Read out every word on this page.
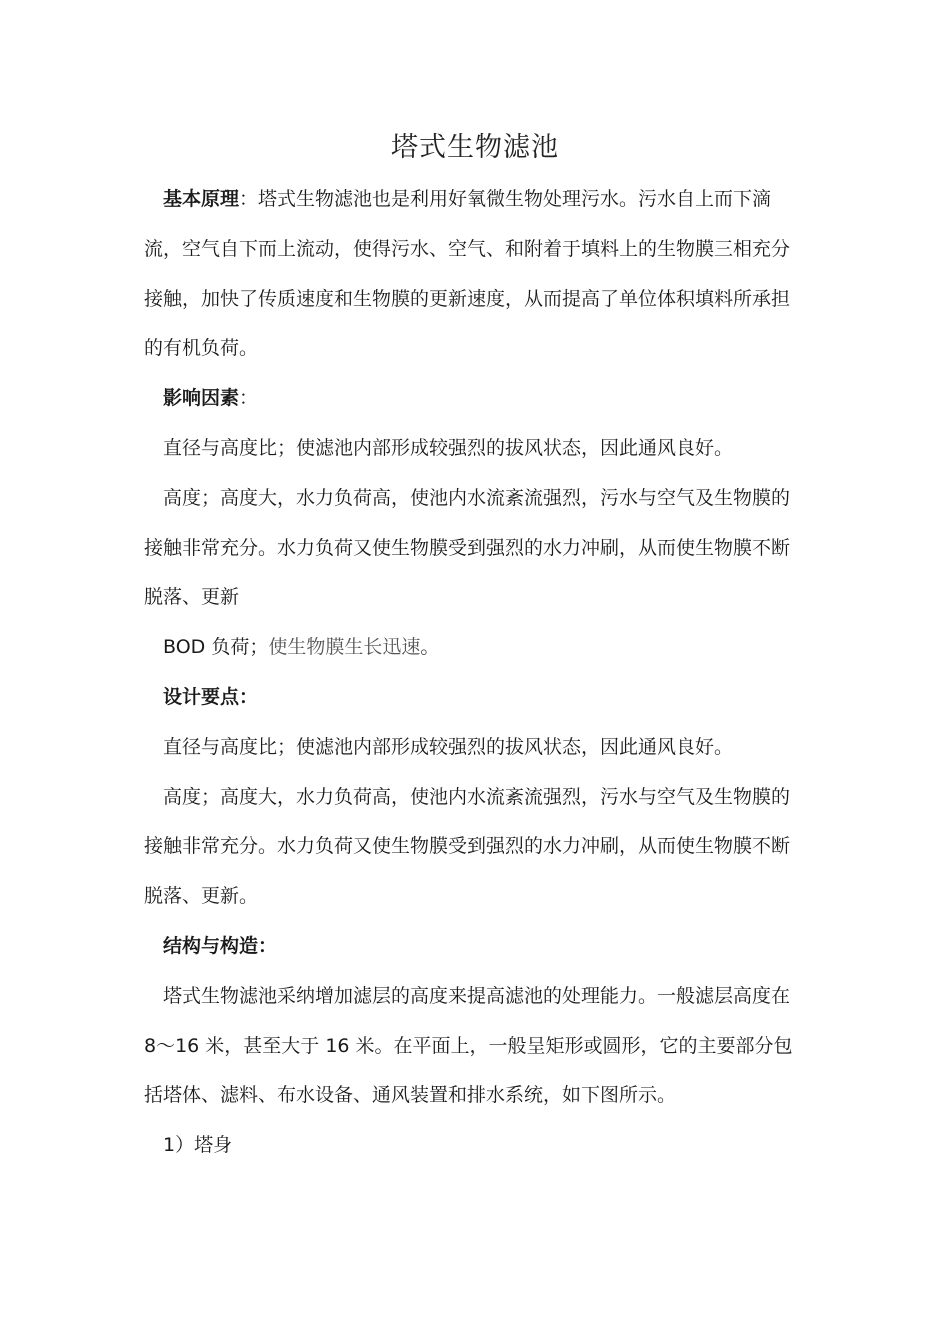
塔式生物滤池

基本原理：塔式生物滤池也是利用好氧微生物处理污水。污水自上而下滴流，空气自下而上流动，使得污水、空气、和附着于填料上的生物膜三相充分接触，加快了传质速度和生物膜的更新速度，从而提高了单位体积填料所承担的有机负荷。

影响因素：

直径与高度比；使滤池内部形成较强烈的拔风状态，因此通风良好。

高度；高度大，水力负荷高，使池内水流紊流强烈，污水与空气及生物膜的接触非常充分。水力负荷又使生物膜受到强烈的水力冲刷，从而使生物膜不断脱落、更新

BOD 负荷；使生物膜生长迅速。

设计要点：

直径与高度比；使滤池内部形成较强烈的拔风状态，因此通风良好。

高度；高度大，水力负荷高，使池内水流紊流强烈，污水与空气及生物膜的接触非常充分。水力负荷又使生物膜受到强烈的水力冲刷，从而使生物膜不断脱落、更新。

结构与构造：

塔式生物滤池采纳增加滤层的高度来提高滤池的处理能力。一般滤层高度在 8～16 米，甚至大于 16 米。在平面上，一般呈矩形或圆形，它的主要部分包括塔体、滤料、布水设备、通风装置和排水系统，如下图所示。

1）塔身
